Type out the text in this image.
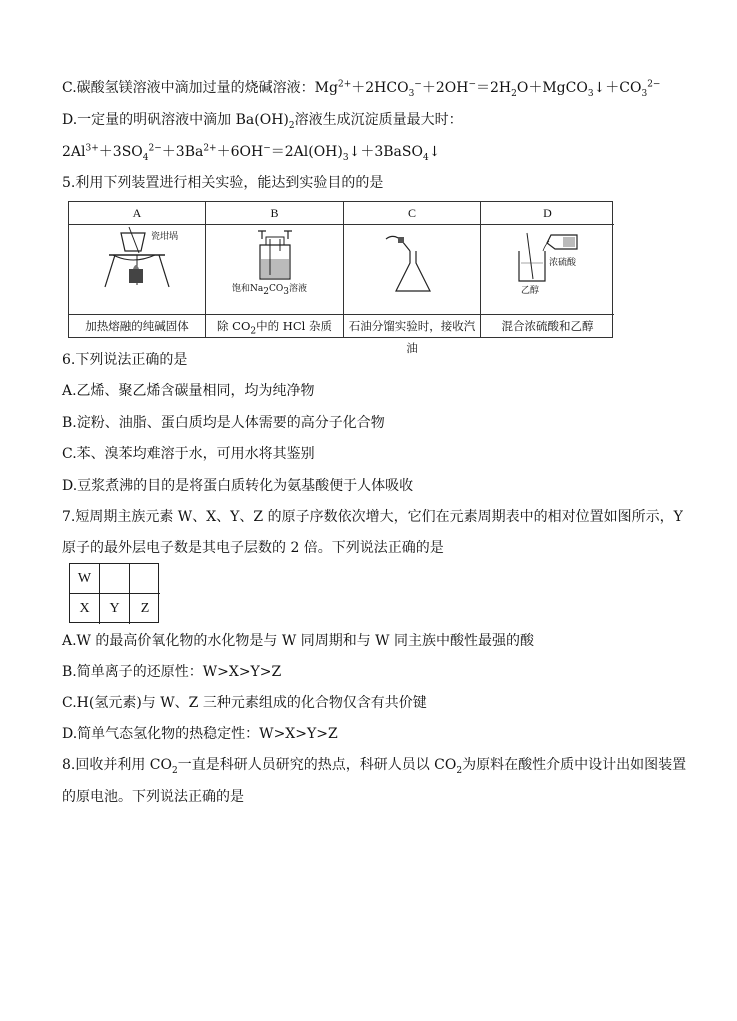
C.碳酸氢镁溶液中滴加过量的烧碱溶液：$Mg^{2+}+2HCO_3^-+2OH^-=2H_2O+MgCO_3↓+CO_3^{2-}$
D.一定量的明矾溶液中滴加 $Ba(OH)_2$溶液生成沉淀质量最大时：
$2Al^{3+}+3SO_4^{2-}+3Ba^{2+}+6OH^-=2Al(OH)_3↓+3BaSO_4↓$
5.利用下列装置进行相关实验，能达到实验目的的是
A
瓷坩埚
加热熔融的纯碱固体
B
饱和$Na_2CO_3$溶液
除 $CO_2$中的 HCl 杂质
C
石油分馏实验时，接收汽油
D
浓硫酸
乙醇
混合浓硫酸和乙醇
6.下列说法正确的是
A.乙烯、聚乙烯含碳量相同，均为纯净物
B.淀粉、油脂、蛋白质均是人体需要的高分子化合物
C.苯、溴苯均难溶于水，可用水将其鉴别
D.豆浆煮沸的目的是将蛋白质转化为氨基酸便于人体吸收
7.短周期主族元素 W、X、Y、Z 的原子序数依次增大，它们在元素周期表中的相对位置如图所示，Y
原子的最外层电子数是其电子层数的 2 倍。下列说法正确的是
W
X	Y	Z
A.W 的最高价氧化物的水化物是与 W 同周期和与 W 同主族中酸性最强的酸
B.简单离子的还原性：W>X>Y>Z
C.H(氢元素)与 W、Z 三种元素组成的化合物仅含有共价键
D.简单气态氢化物的热稳定性：W>X>Y>Z
8.回收并利用 $CO_2$一直是科研人员研究的热点，科研人员以 $CO_2$为原料在酸性介质中设计出如图装置
的原电池。下列说法正确的是
